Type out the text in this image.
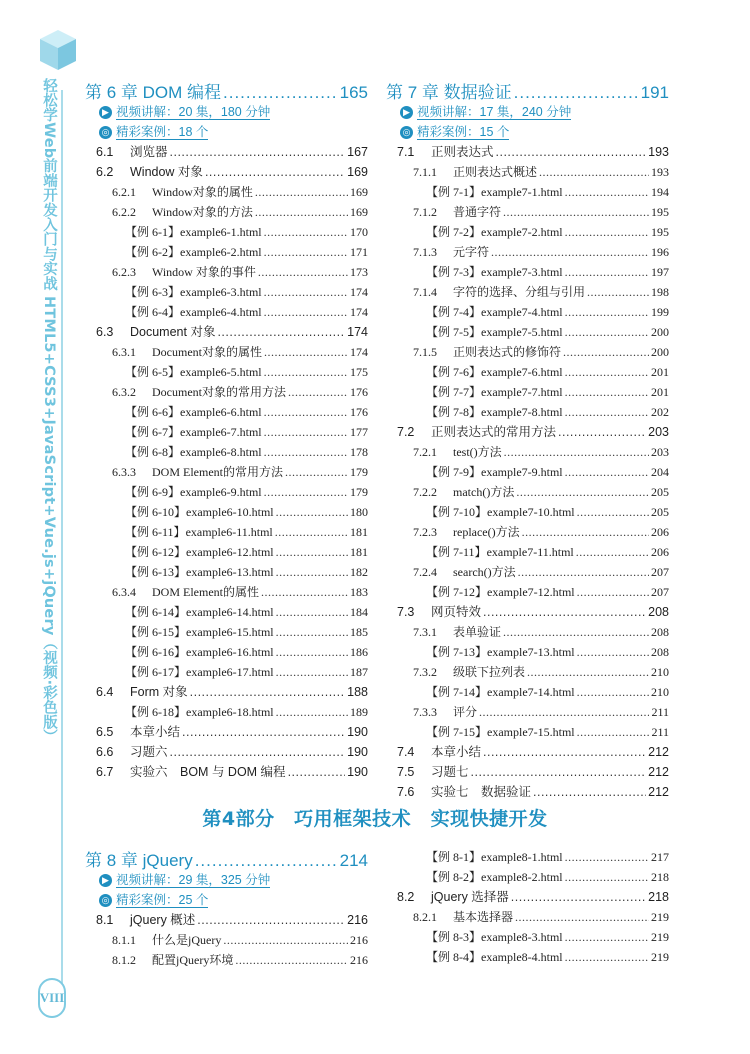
轻松学Web前端开发入门与实战 HTML5+CSS3+JavaScript+Vue.js+jQuery（视频·彩色版）
VIII
第 6 章 DOM 编程 .....	165
▶ 视频讲解：20 集，180 分钟
◎ 精彩案例：18 个
6.1 浏览器 .....	167
6.2 Window 对象 .....	169
6.2.1 Window对象的属性 .....	169
6.2.2 Window对象的方法 .....	169
【例 6-1】example6-1.html .....	170
【例 6-2】example6-2.html .....	171
6.2.3 Window 对象的事件 .....	173
【例 6-3】example6-3.html .....	174
【例 6-4】example6-4.html .....	174
6.3 Document 对象 .....	174
6.3.1 Document对象的属性 .....	174
【例 6-5】example6-5.html .....	175
6.3.2 Document对象的常用方法 .....	176
【例 6-6】example6-6.html .....	176
【例 6-7】example6-7.html .....	177
【例 6-8】example6-8.html .....	178
6.3.3 DOM Element的常用方法 .....	179
【例 6-9】example6-9.html .....	179
【例 6-10】example6-10.html .....	180
【例 6-11】example6-11.html .....	181
【例 6-12】example6-12.html .....	181
【例 6-13】example6-13.html .....	182
6.3.4 DOM Element的属性 .....	183
【例 6-14】example6-14.html .....	184
【例 6-15】example6-15.html .....	185
【例 6-16】example6-16.html .....	186
【例 6-17】example6-17.html .....	187
6.4 Form 对象 .....	188
【例 6-18】example6-18.html .....	189
6.5 本章小结 .....	190
6.6 习题六 .....	190
6.7 实验六　BOM 与 DOM 编程 .....	190
第 7 章 数据验证 .....	191
▶ 视频讲解：17 集，240 分钟
◎ 精彩案例：15 个
7.1 正则表达式 .....	193
7.1.1 正则表达式概述 .....	193
【例 7-1】example7-1.html .....	194
7.1.2 普通字符 .....	195
【例 7-2】example7-2.html .....	195
7.1.3 元字符 .....	196
【例 7-3】example7-3.html .....	197
7.1.4 字符的选择、分组与引用 .....	198
【例 7-4】example7-4.html .....	199
【例 7-5】example7-5.html .....	200
7.1.5 正则表达式的修饰符 .....	200
【例 7-6】example7-6.html .....	201
【例 7-7】example7-7.html .....	201
【例 7-8】example7-8.html .....	202
7.2 正则表达式的常用方法 .....	203
7.2.1 test()方法 .....	203
【例 7-9】example7-9.html .....	204
7.2.2 match()方法 .....	205
【例 7-10】example7-10.html .....	205
7.2.3 replace()方法 .....	206
【例 7-11】example7-11.html .....	206
7.2.4 search()方法 .....	207
【例 7-12】example7-12.html .....	207
7.3 网页特效 .....	208
7.3.1 表单验证 .....	208
【例 7-13】example7-13.html .....	208
7.3.2 级联下拉列表 .....	210
【例 7-14】example7-14.html .....	210
7.3.3 评分 .....	211
【例 7-15】example7-15.html .....	211
7.4 本章小结 .....	212
7.5 习题七 .....	212
7.6 实验七　数据验证 .....	212
第4部分　巧用框架技术　实现快捷开发
第 8 章 jQuery .....	214
▶ 视频讲解：29 集，325 分钟
◎ 精彩案例：25 个
8.1 jQuery 概述 .....	216
8.1.1 什么是jQuery .....	216
8.1.2 配置jQuery环境 .....	216
【例 8-1】example8-1.html .....	217
【例 8-2】example8-2.html .....	218
8.2 jQuery 选择器 .....	218
8.2.1 基本选择器 .....	219
【例 8-3】example8-3.html .....	219
【例 8-4】example8-4.html .....	219
